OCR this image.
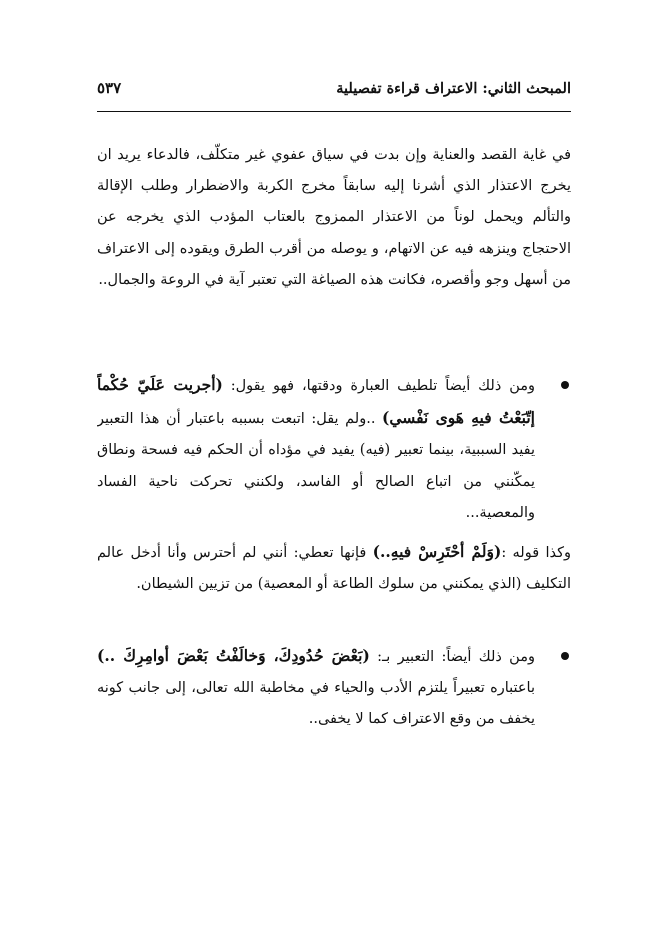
المبحث الثاني: الاعتراف قراءة تفصيلية
٥٣٧

في غاية القصد والعناية وإن بدت في سياق عفوي غير متكلّف، فالدعاء يريد ان يخرج الاعتذار الذي أشرنا إليه سابقاً مخرج الكربة والاضطرار وطلب الإقالة والتألم ويحمل لوناً من الاعتذار الممزوج بالعتاب المؤدب الذي يخرجه عن الاحتجاج وينزهه فيه عن الاتهام، و يوصله من أقرب الطرق ويقوده إلى الاعتراف من أسهل وجو وأقصره، فكانت هذه الصياغة التي تعتبر آية في الروعة والجمال..

ومن ذلك أيضاً تلطيف العبارة ودقتها، فهو يقول: (أجريت عَلَيّ حُكْماً إتّبَعْتُ فيهِ هَوى نَفْسي) ..ولم يقل: اتبعت بسببه باعتبار أن هذا التعبير يفيد السببية، بينما تعبير (فيه) يفيد في مؤداه أن الحكم فيه فسحة ونطاق يمكّنني من اتباع الصالح أو الفاسد، ولكنني تحركت ناحية الفساد والمعصية...
وكذا قوله :(وَلَمْ أحْتَرِسْ فيهِ..) فإنها تعطي: أنني لم أحترس وأنا أدخل عالم التكليف (الذي يمكنني من سلوك الطاعة أو المعصية) من تزيين الشيطان.
ومن ذلك أيضاً: التعبير بـ: (بَعْضَ حُدُودِكَ، وَخالَفْتُ بَعْضَ أوامِرِكَ ..) باعتباره تعبيراً يلتزم الأدب والحياء في مخاطبة الله تعالى، إلى جانب كونه يخفف من وقع الاعتراف كما لا يخفى..
